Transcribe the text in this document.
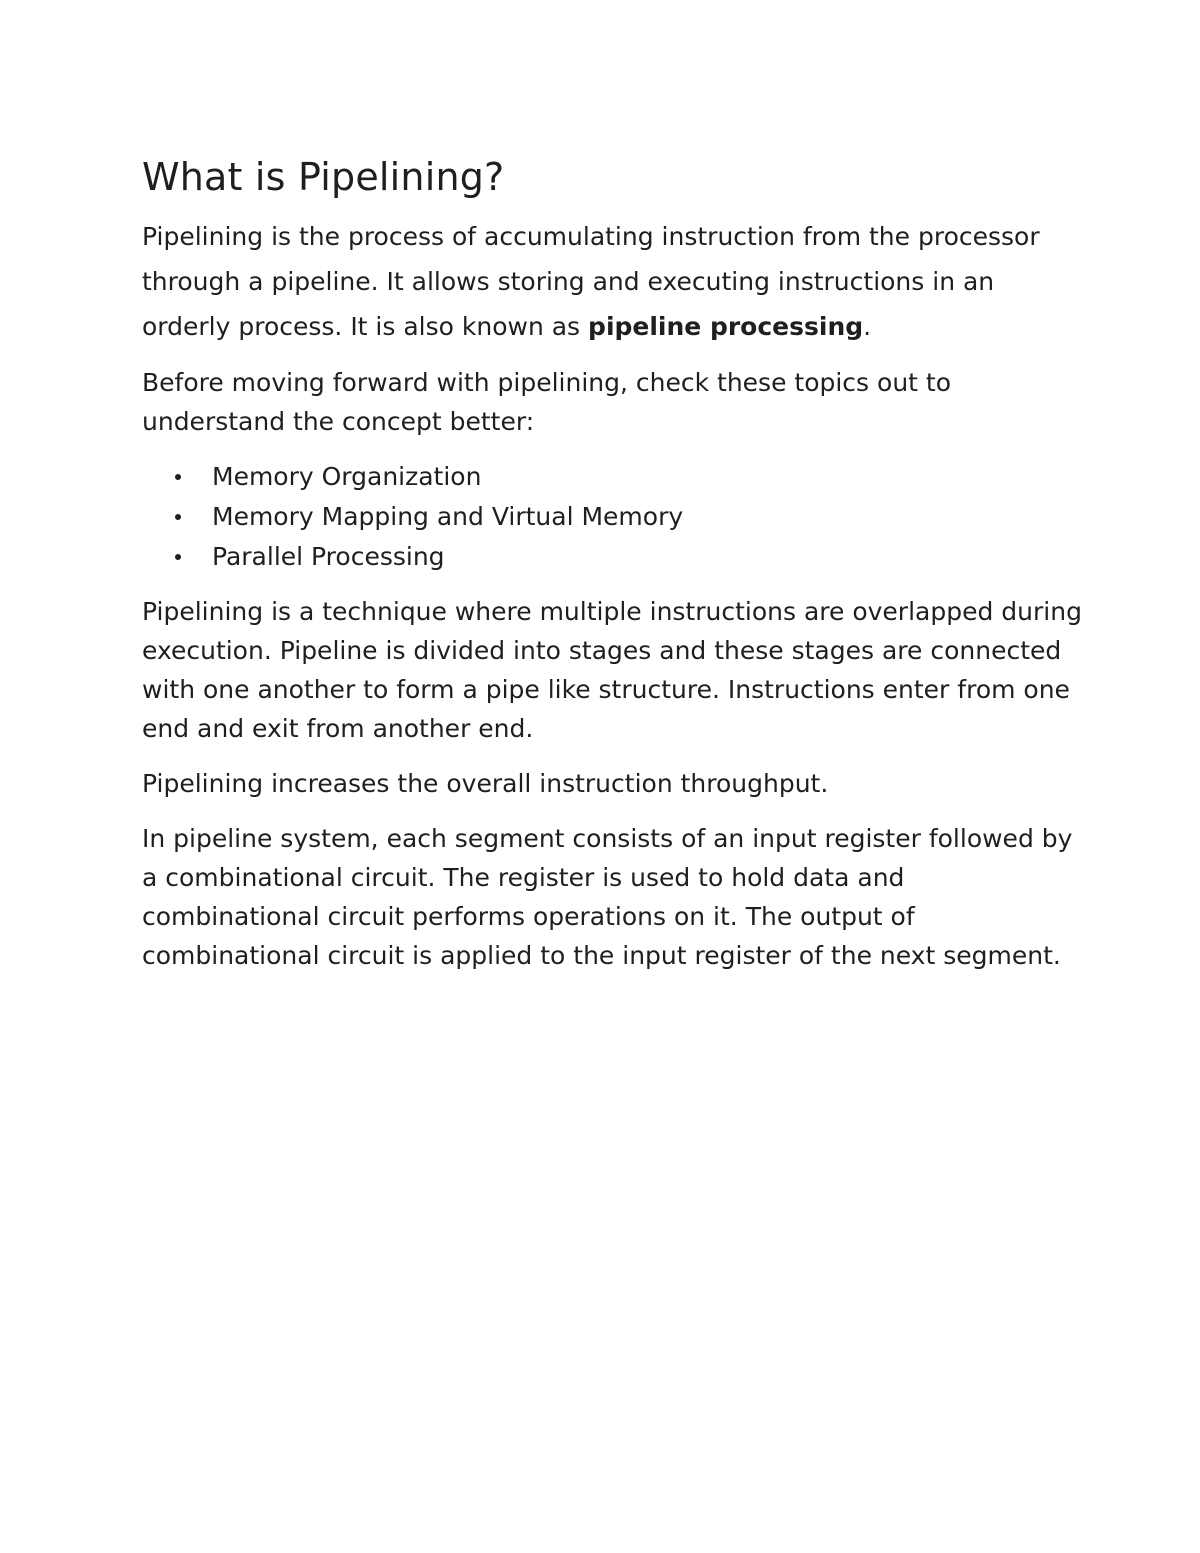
What is Pipelining?

Pipelining is the process of accumulating instruction from the processor through a pipeline. It allows storing and executing instructions in an orderly process. It is also known as pipeline processing.

Before moving forward with pipelining, check these topics out to understand the concept better:

Memory Organization
Memory Mapping and Virtual Memory
Parallel Processing

Pipelining is a technique where multiple instructions are overlapped during execution. Pipeline is divided into stages and these stages are connected with one another to form a pipe like structure. Instructions enter from one end and exit from another end.

Pipelining increases the overall instruction throughput.

In pipeline system, each segment consists of an input register followed by a combinational circuit. The register is used to hold data and combinational circuit performs operations on it. The output of combinational circuit is applied to the input register of the next segment.
